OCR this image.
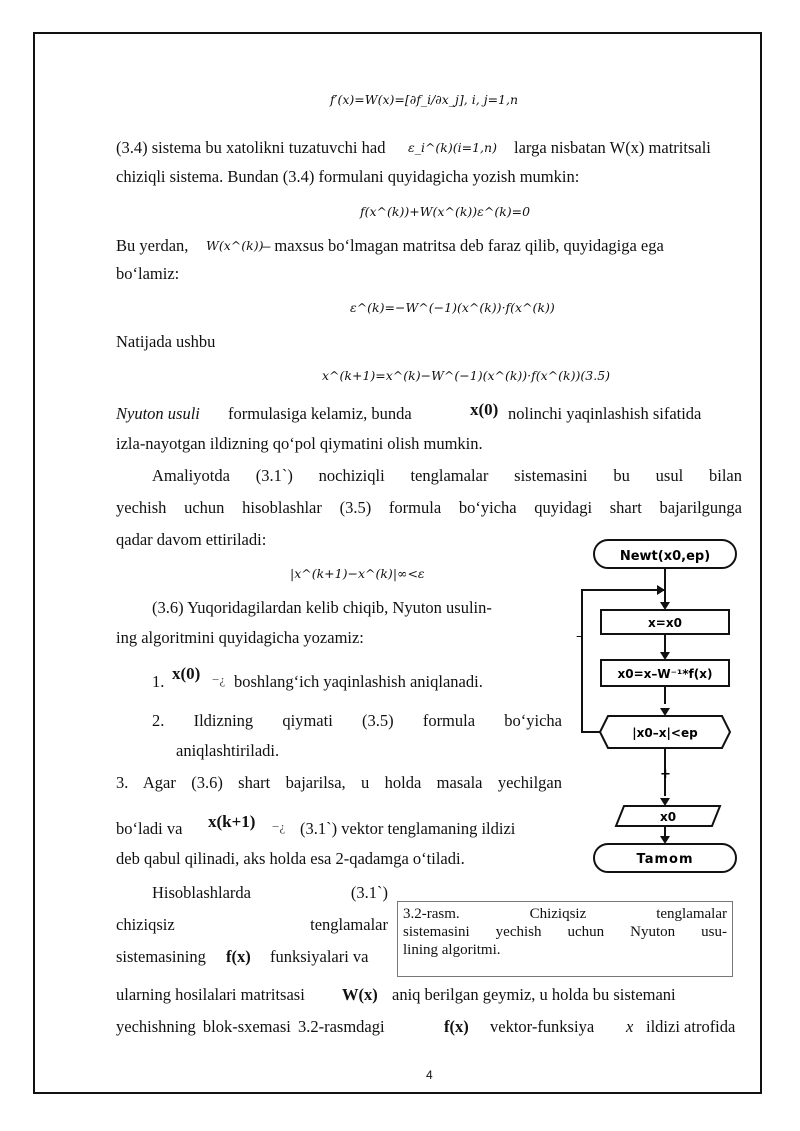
f′(x)=W(x)=[∂f_i/∂x_j], i, j=1,n
(3.4) sistema bu xatolikni tuzatuvchi had ε_i^(k)(i=1,n) larga nisbatan W(x) matritsali
chiziqli sistema. Bundan (3.4) formulani quyidagicha yozish mumkin:
f(x^(k))+W(x^(k))ε^(k)=0
Bu yerdan, W(x^(k))
– maxsus bo‘lmagan matritsa deb faraz qilib, quyidagiga ega
bo‘lamiz:
ε^(k)=−W^(−1)(x^(k))·f(x^(k))
Natijada ushbu
x^(k+1)=x^(k)−W^(−1)(x^(k))·f(x^(k))(3.5)
Nyuton usuli formulasiga kelamiz, bunda	x(0) nolinchi yaqinlashish sifatida
izla-nayotgan ildizning qo‘pol qiymatini olish mumkin.
Amaliyotda (3.1`) nochiziqli tenglamalar sistemasini bu usul bilan
yechish uchun hisoblashlar (3.5) formula bo‘yicha quyidagi shart bajarilgunga
qadar davom ettiriladi:
|x^(k+1)−x^(k)|∞<ε
(3.6) Yuqoridagilardan kelib chiqib, Nyuton usulin-
ing algoritmini quyidagicha yozamiz:
1. x(0) −¿ boshlang‘ich yaqinlashish aniqlanadi.
2. Ildizning qiymati (3.5) formula bo‘yicha
aniqlashtiriladi.
3. Agar (3.6) shart bajarilsa, u holda masala yechilgan
bo‘ladi va x(k+1) −¿ (3.1`) vektor tenglamaning ildizi
deb qabul qilinadi, aks holda esa 2-qadamga o‘tiladi.
Hisoblashlarda (3.1`)
chiziqsiz tenglamalar
sistemasining f(x) funksiyalari va
ularning hosilalari matritsasi W(x) aniq berilgan geymiz, u holda bu sistemani
yechishning blok-sxemasi 3.2-rasmdagi	f(x) vektor-funksiya x ildizi atrofida
Newt(x0,ep)
x=x0
x0=x–W⁻¹*f(x)
|x0–x|<ep
–
+
x0
Tamom
3.2-rasm. Chiziqsiz tenglamalar
sistemasini yechish uchun Nyuton usu-
lining algoritmi.
4
